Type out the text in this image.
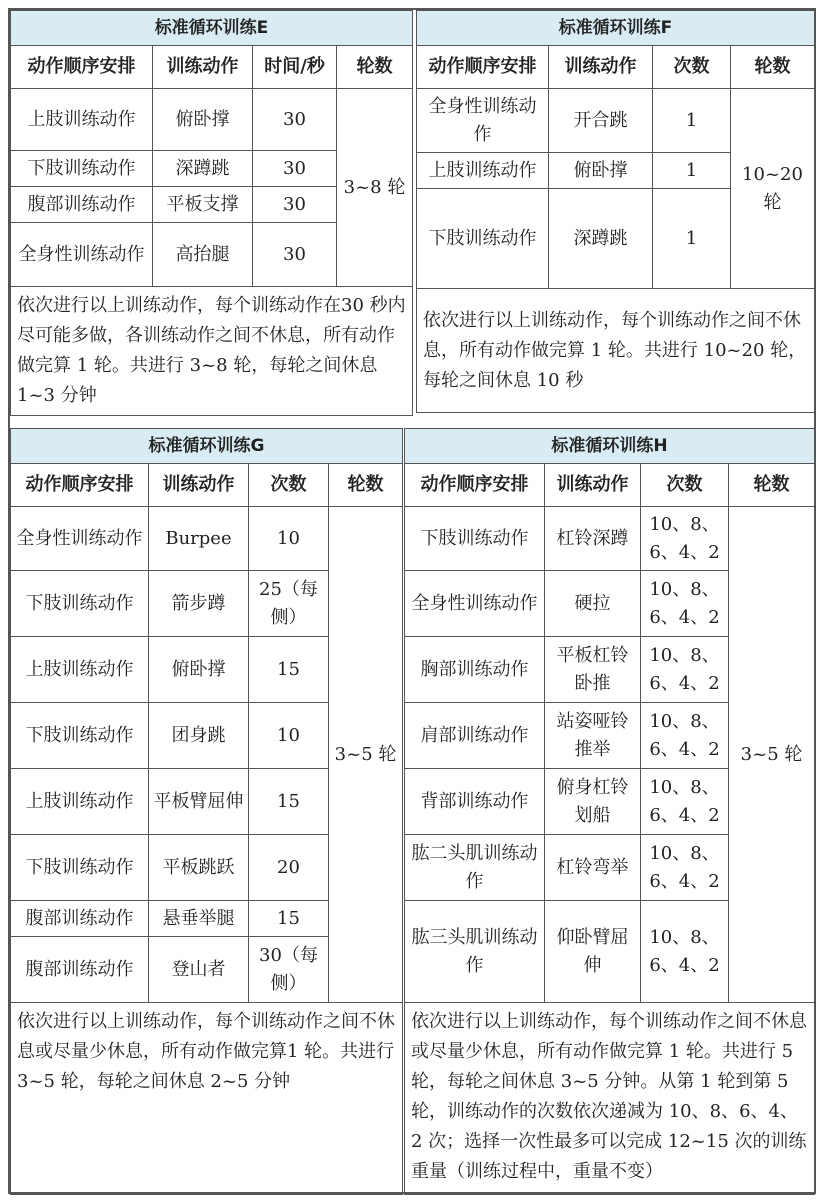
标准循环训练E			
动作顺序安排	训练动作	时间/秒	轮数
上肢训练动作	俯卧撑	30	3~8 轮
下肢训练动作	深蹲跳	30	
腹部训练动作	平板支撑	30	
全身性训练动作	高抬腿	30	
依次进行以上训练动作，每个训练动作在30 秒内尽可能多做，各训练动作之间不休息，所有动作做完算 1 轮。共进行 3~8 轮，每轮之间休息 1~3 分钟			
标准循环训练F			
动作顺序安排	训练动作	次数	轮数
全身性训练动作	开合跳	1	10~20 轮
上肢训练动作	俯卧撑	1	
下肢训练动作	深蹲跳	1	
依次进行以上训练动作，每个训练动作之间不休息，所有动作做完算 1 轮。共进行 10~20 轮，每轮之间休息 10 秒			
标准循环训练G			
动作顺序安排	训练动作	次数	轮数
全身性训练动作	Burpee	10	3~5 轮
下肢训练动作	箭步蹲	25（每侧）	
上肢训练动作	俯卧撑	15	
下肢训练动作	团身跳	10	
上肢训练动作	平板臂屈伸	15	
下肢训练动作	平板跳跃	20	
腹部训练动作	悬垂举腿	15	
腹部训练动作	登山者	30（每侧）	
依次进行以上训练动作，每个训练动作之间不休息或尽量少休息，所有动作做完算1 轮。共进行 3~5 轮，每轮之间休息 2~5 分钟			
标准循环训练H			
动作顺序安排	训练动作	次数	轮数
下肢训练动作	杠铃深蹲	10、8、6、4、2	3~5 轮
全身性训练动作	硬拉	10、8、6、4、2	
胸部训练动作	平板杠铃卧推	10、8、6、4、2	
肩部训练动作	站姿哑铃推举	10、8、6、4、2	
背部训练动作	俯身杠铃划船	10、8、6、4、2	
肱二头肌训练动作	杠铃弯举	10、8、6、4、2	
肱三头肌训练动作	仰卧臂屈伸	10、8、6、4、2	
依次进行以上训练动作，每个训练动作之间不休息或尽量少休息，所有动作做完算 1 轮。共进行 5 轮，每轮之间休息 3~5 分钟。从第 1 轮到第 5 轮，训练动作的次数依次递减为 10、8、6、4、2 次；选择一次性最多可以完成 12~15 次的训练重量（训练过程中，重量不变）			
